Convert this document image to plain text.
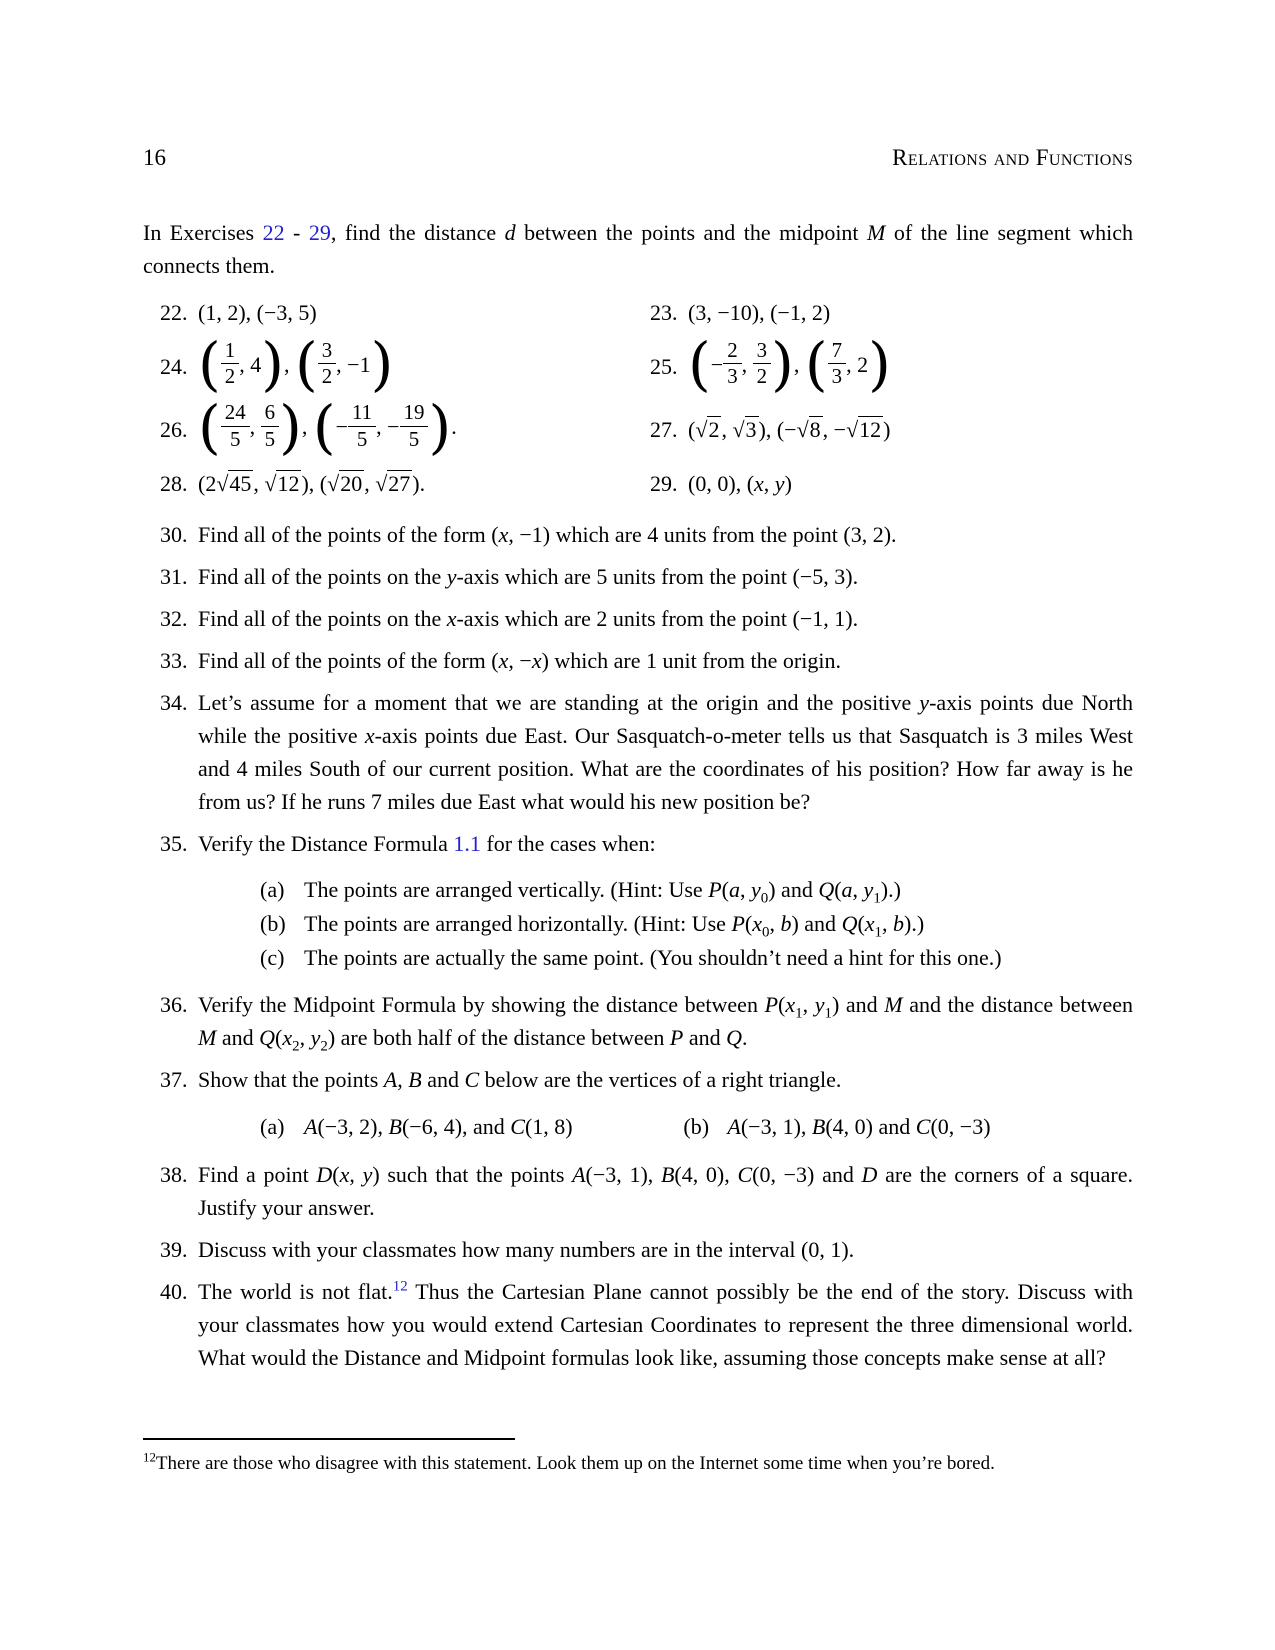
16	Relations and Functions

In Exercises 22 - 29, find the distance d between the points and the midpoint M of the line segment which connects them.

22. (1, 2), (−3, 5)	23. (3, −10), (−1, 2)
24. ( $\frac{1}{2}$ , 4), ( $\frac{3}{2}$ , −1)	25. (− $\frac{2}{3}$ , $\frac{3}{2}$ ), ( $\frac{7}{3}$ , 2)
26. ( $\frac{24}{5}$ , $\frac{6}{5}$ ), (− $\frac{11}{5}$ , − $\frac{19}{5}$ ).	27. (√2, √3), (−√8, −√12)
28. (2√45, √12), (√20, √27).	29. (0, 0), (x, y)
30. Find all of the points of the form (x, −1) which are 4 units from the point (3, 2).
31. Find all of the points on the y-axis which are 5 units from the point (−5, 3).
32. Find all of the points on the x-axis which are 2 units from the point (−1, 1).
33. Find all of the points of the form (x, −x) which are 1 unit from the origin.
34. Let’s assume for a moment that we are standing at the origin and the positive y-axis points due North while the positive x-axis points due East. Our Sasquatch-o-meter tells us that Sasquatch is 3 miles West and 4 miles South of our current position. What are the coordinates of his position? How far away is he from us? If he runs 7 miles due East what would his new position be?
35. Verify the Distance Formula 1.1 for the cases when:
(a) The points are arranged vertically. (Hint: Use P(a, $y_0$) and Q(a, $y_1$).)
(b) The points are arranged horizontally. (Hint: Use $P(x_0$, b) and $Q(x_1$, b).)
(c) The points are actually the same point. (You shouldn’t need a hint for this one.)
36. Verify the Midpoint Formula by showing the distance between $P(x_1$, $y_1$) and M and the distance between M and $Q(x_2$, $y_2$) are both half of the distance between P and Q.
37. Show that the points A, B and C below are the vertices of a right triangle.
(a) A(−3, 2), B(−6, 4), and C(1, 8)	(b) A(−3, 1), B(4, 0) and C(0, −3)
38. Find a point D(x, y) such that the points A(−3, 1), B(4, 0), C(0, −3) and D are the corners of a square. Justify your answer.
39. Discuss with your classmates how many numbers are in the interval (0, 1).
40. The world is not flat.$^{12}$ Thus the Cartesian Plane cannot possibly be the end of the story. Discuss with your classmates how you would extend Cartesian Coordinates to represent the three dimensional world. What would the Distance and Midpoint formulas look like, assuming those concepts make sense at all?

$^{12}$There are those who disagree with this statement. Look them up on the Internet some time when you’re bored.
